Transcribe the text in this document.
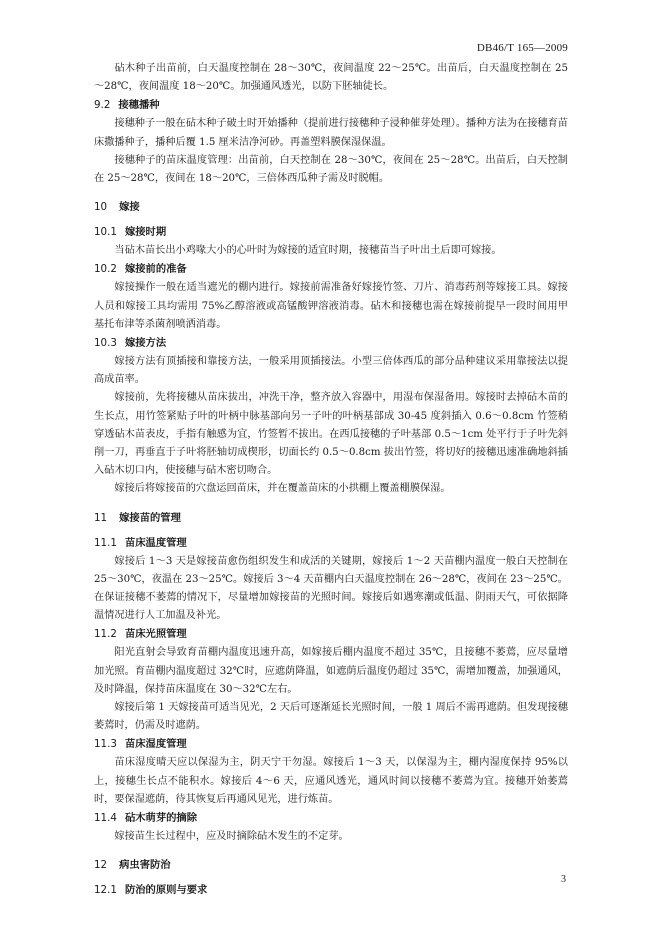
DB46/T 165—2009

砧木种子出苗前，白天温度控制在 28～30℃，夜间温度 22～25℃。出苗后，白天温度控制在 25～28℃，夜间温度 18～20℃。加强通风透光，以防下胚轴徒长。

9.2 接穗播种

接穗种子一般在砧木种子破土时开始播种（提前进行接穗种子浸种催芽处理）。播种方法为在接穗育苗床撒播种子，播种后覆 1.5 厘米洁净河砂。再盖塑料膜保湿保温。

接穗种子的苗床温度管理：出苗前，白天控制在 28～30℃，夜间在 25～28℃。出苗后，白天控制在 25～28℃，夜间在 18～20℃，三倍体西瓜种子需及时脱帽。

10 嫁接
10.1 嫁接时期

当砧木苗长出小鸡喙大小的心叶时为嫁接的适宜时期，接穗苗当子叶出土后即可嫁接。

10.2 嫁接前的准备

嫁接操作一般在适当遮光的棚内进行。嫁接前需准备好嫁接竹签、刀片、消毒药剂等嫁接工具。嫁接人员和嫁接工具均需用 75%乙醇溶液或高锰酸钾溶液消毒。砧木和接穗也需在嫁接前提早一段时间用甲基托布津等杀菌剂喷洒消毒。

10.3 嫁接方法

嫁接方法有顶插接和靠接方法，一般采用顶插接法。小型三倍体西瓜的部分品种建议采用靠接法以提高成苗率。

嫁接前，先将接穗从苗床拔出，冲洗干净，整齐放入容器中，用湿布保湿备用。嫁接时去掉砧木苗的生长点，用竹签紧贴子叶的叶柄中脉基部向另一子叶的叶柄基部成 30-45 度斜插入 0.6～0.8cm 竹签稍穿透砧木苗表皮，手指有触感为宜，竹签暂不拔出。在西瓜接穗的子叶基部 0.5～1cm 处平行于子叶先斜削一刀，再垂直于子叶将胚轴切成楔形，切面长约 0.5～0.8cm 拔出竹签，将切好的接穗迅速准确地斜插入砧木切口内，使接穗与砧木密切吻合。

嫁接后将嫁接苗的穴盘运回苗床，并在覆盖苗床的小拱棚上覆盖棚膜保湿。

11 嫁接苗的管理
11.1 苗床温度管理

嫁接后 1～3 天是嫁接苗愈伤组织发生和成活的关键期，嫁接后 1～2 天苗棚内温度一般白天控制在 25～30℃，夜温在 23～25℃。嫁接后 3～4 天苗棚内白天温度控制在 26～28℃，夜间在 23～25℃。在保证接穗不萎蔫的情况下，尽量增加嫁接苗的光照时间。嫁接后如遇寒潮或低温、阴雨天气，可依据降温情况进行人工加温及补光。

11.2 苗床光照管理

阳光直射会导致育苗棚内温度迅速升高，如嫁接后棚内温度不超过 35℃，且接穗不萎蔫，应尽量增加光照。育苗棚内温度超过 32℃时，应遮荫降温，如遮荫后温度仍超过 35℃，需增加覆盖，加强通风，及时降温，保持苗床温度在 30～32℃左右。

嫁接后第 1 天嫁接苗可适当见光，2 天后可逐渐延长光照时间，一般 1 周后不需再遮荫。但发现接穗萎蔫时，仍需及时遮荫。

11.3 苗床湿度管理

苗床湿度晴天应以保湿为主，阴天宁干勿湿。嫁接后 1～3 天，以保湿为主，棚内湿度保持 95%以上，接穗生长点不能积水。嫁接后 4～6 天，应通风透光，通风时间以接穗不萎蔫为宜。接穗开始萎蔫时，要保湿遮荫，待其恢复后再通风见光，进行炼苗。

11.4 砧木萌芽的摘除

嫁接苗生长过程中，应及时摘除砧木发生的不定芽。

12 病虫害防治
12.1 防治的原则与要求
3
